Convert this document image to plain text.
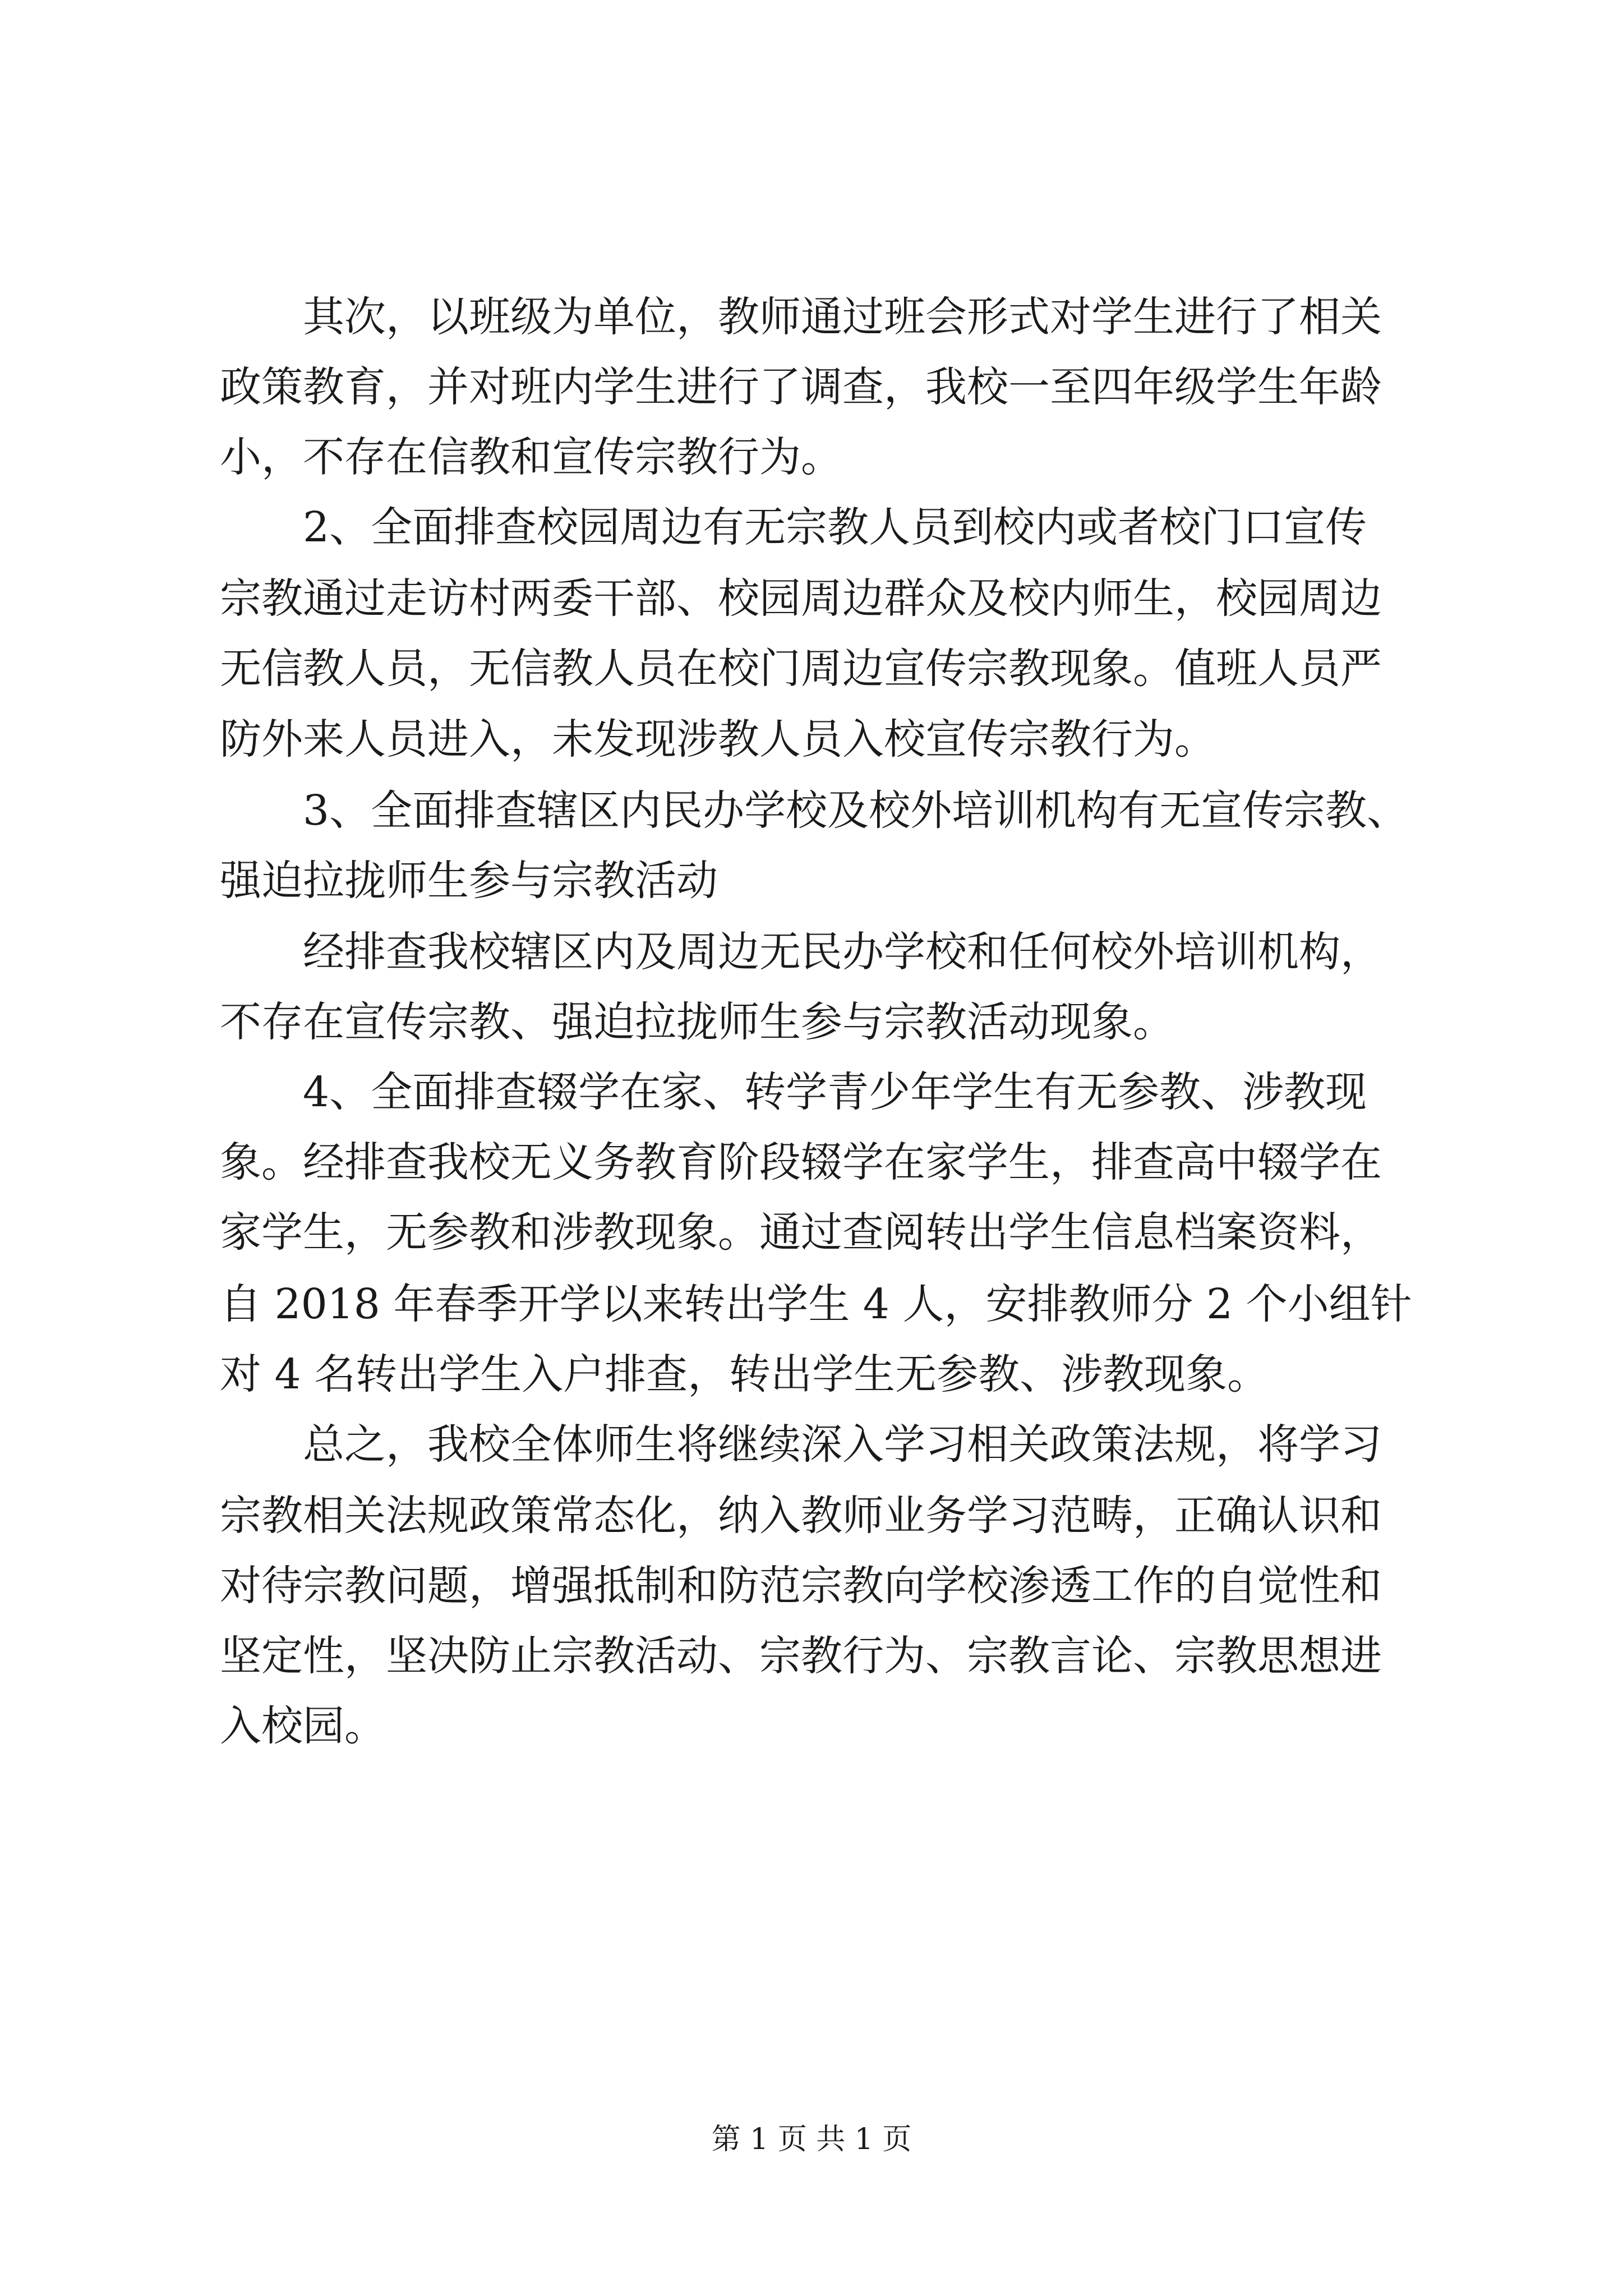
其次，以班级为单位，教师通过班会形式对学生进行了相关
政策教育，并对班内学生进行了调查，我校一至四年级学生年龄
小，不存在信教和宣传宗教行为。
2、全面排查校园周边有无宗教人员到校内或者校门口宣传
宗教通过走访村两委干部、校园周边群众及校内师生，校园周边
无信教人员，无信教人员在校门周边宣传宗教现象。值班人员严
防外来人员进入，未发现涉教人员入校宣传宗教行为。
3、全面排查辖区内民办学校及校外培训机构有无宣传宗教、
强迫拉拢师生参与宗教活动
经排查我校辖区内及周边无民办学校和任何校外培训机构，
不存在宣传宗教、强迫拉拢师生参与宗教活动现象。
4、全面排查辍学在家、转学青少年学生有无参教、涉教现
象。经排查我校无义务教育阶段辍学在家学生，排查高中辍学在
家学生，无参教和涉教现象。通过查阅转出学生信息档案资料，
自 2018 年春季开学以来转出学生 4 人，安排教师分 2 个小组针
对 4 名转出学生入户排查，转出学生无参教、涉教现象。
总之，我校全体师生将继续深入学习相关政策法规，将学习
宗教相关法规政策常态化，纳入教师业务学习范畴，正确认识和
对待宗教问题，增强抵制和防范宗教向学校渗透工作的自觉性和
坚定性，坚决防止宗教活动、宗教行为、宗教言论、宗教思想进
入校园。
第 1 页 共 1 页
